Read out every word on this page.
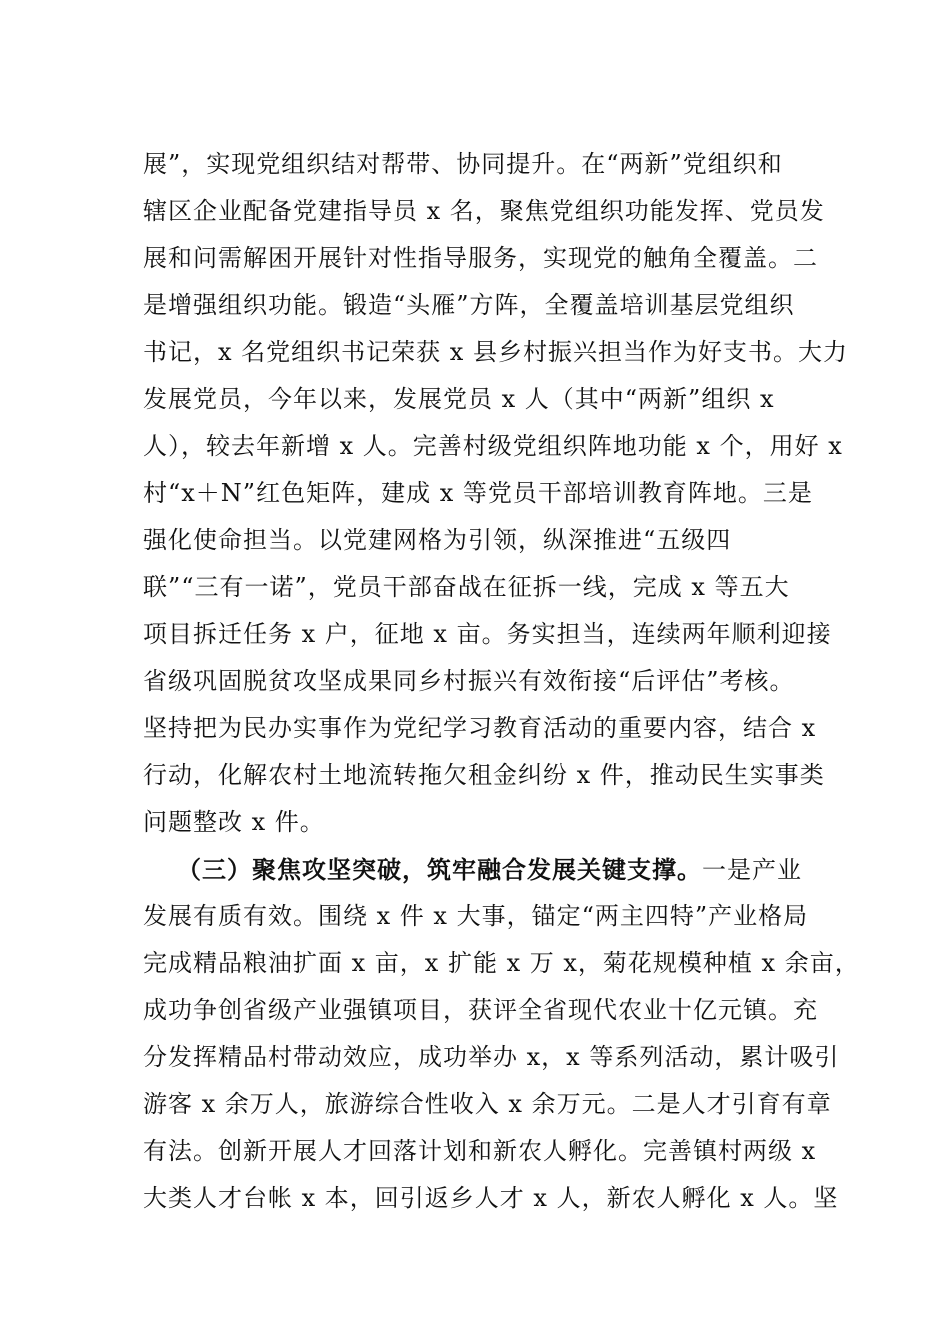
展”，实现党组织结对帮带、协同提升。在“两新”党组织和
辖区企业配备党建指导员 x 名，聚焦党组织功能发挥、党员发
展和问需解困开展针对性指导服务，实现党的触角全覆盖。二
是增强组织功能。锻造“头雁”方阵，全覆盖培训基层党组织
书记，x 名党组织书记荣获 x 县乡村振兴担当作为好支书。大力
发展党员，今年以来，发展党员 x 人（其中“两新”组织 x
人），较去年新增 x 人。完善村级党组织阵地功能 x 个，用好 x
村“x＋N”红色矩阵，建成 x 等党员干部培训教育阵地。三是
强化使命担当。以党建网格为引领，纵深推进“五级四
联”“三有一诺”，党员干部奋战在征拆一线，完成 x 等五大
项目拆迁任务 x 户，征地 x 亩。务实担当，连续两年顺利迎接
省级巩固脱贫攻坚成果同乡村振兴有效衔接“后评估”考核。
坚持把为民办实事作为党纪学习教育活动的重要内容，结合 x
行动，化解农村土地流转拖欠租金纠纷 x 件，推动民生实事类
问题整改 x 件。
（三）聚焦攻坚突破，筑牢融合发展关键支撑。一是产业
发展有质有效。围绕 x 件 x 大事，锚定“两主四特”产业格局
完成精品粮油扩面 x 亩，x 扩能 x 万 x，菊花规模种植 x 余亩，
成功争创省级产业强镇项目，获评全省现代农业十亿元镇。充
分发挥精品村带动效应，成功举办 x，x 等系列活动，累计吸引
游客 x 余万人，旅游综合性收入 x 余万元。二是人才引育有章
有法。创新开展人才回落计划和新农人孵化。完善镇村两级 x
大类人才台帐 x 本，回引返乡人才 x 人，新农人孵化 x 人。坚
